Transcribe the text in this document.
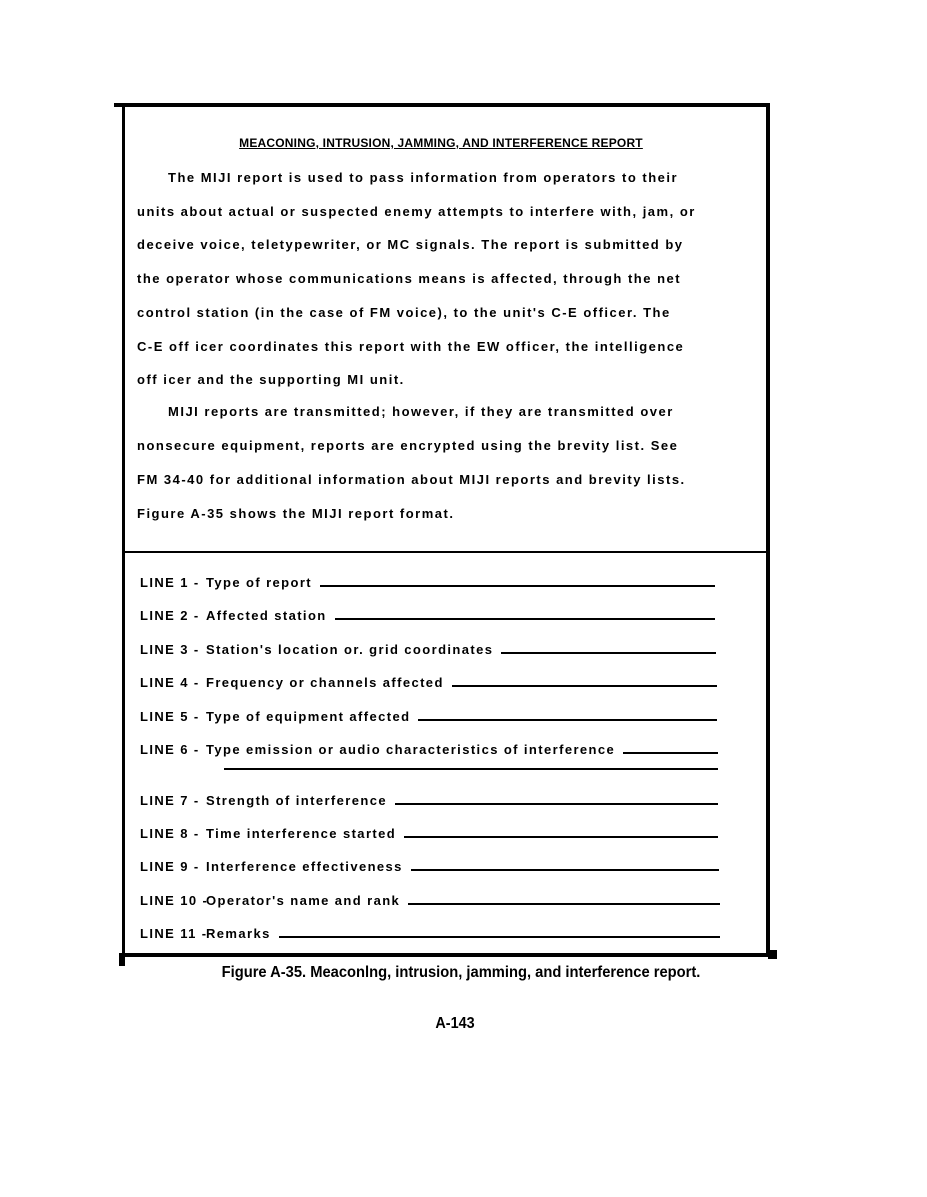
MEACONING, INTRUSION, JAMMING, AND INTERFERENCE REPORT
The MIJI report is used to pass information from operators to their
units about actual or suspected enemy attempts to interfere with, jam, or
deceive voice, teletypewriter, or MC signals. The report is submitted by
the operator whose communications means is affected, through the net
control station (in the case of FM voice), to the unit's C-E officer. The
C-E off icer coordinates this report with the EW officer, the intelligence
off icer and the supporting MI unit.
MIJI reports are transmitted; however, if they are transmitted over
nonsecure equipment, reports are encrypted using the brevity list. See
FM 34-40 for additional information about MIJI reports and brevity lists.
Figure A-35 shows the MIJI report format.
LINE 1 - Type of report
LINE 2 - Affected station
LINE 3 - Station's location or. grid coordinates
LINE 4 - Frequency or channels affected
LINE 5 - Type of equipment affected
LINE 6 - Type emission or audio characteristics of interference
LINE 7 - Strength of interference
LINE 8 - Time interference started
LINE 9 - Interference effectiveness
LINE 10 -
Operator's name and rank
LINE 11 -
Remarks
Figure A-35. Meaconlng, intrusion, jamming, and interference report.
A-143
